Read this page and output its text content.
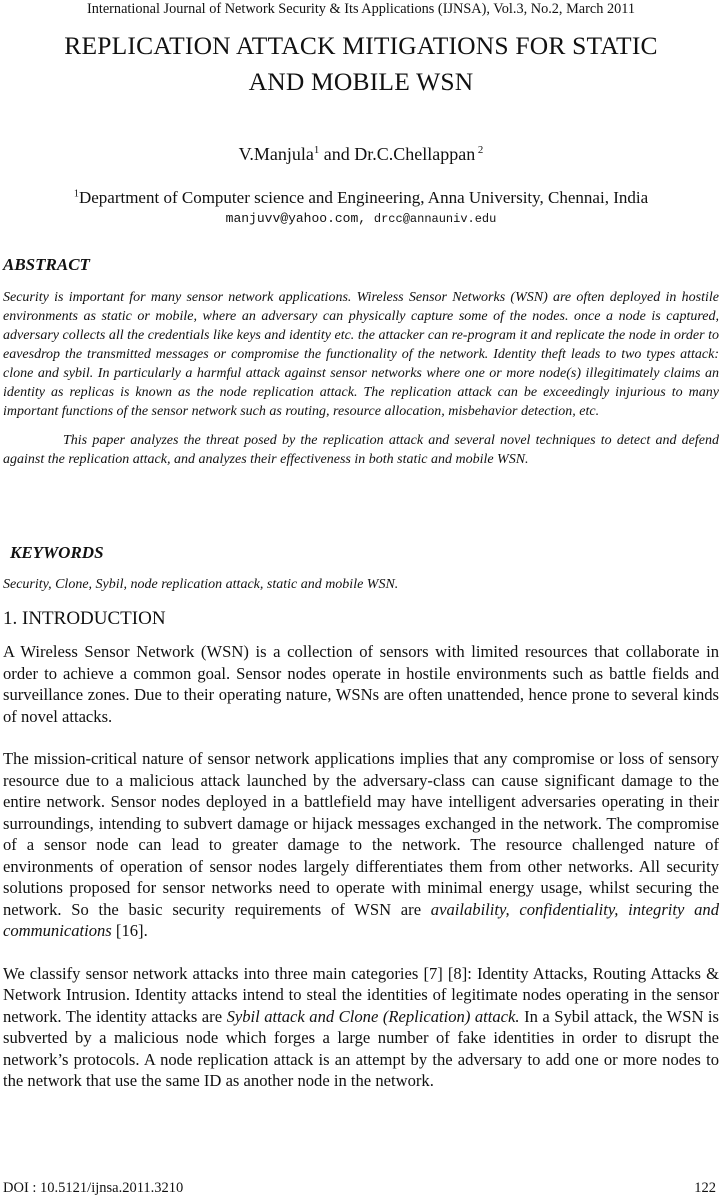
International Journal of Network Security & Its Applications (IJNSA), Vol.3, No.2, March 2011
REPLICATION ATTACK MITIGATIONS FOR STATIC
AND MOBILE WSN
V.Manjula$^1$ and Dr.C.Chellappan $^2$
$^1$Department of Computer science and Engineering, Anna University, Chennai, India
manjuvv@yahoo.com, drcc@annauniv.edu
ABSTRACT

Security is important for many sensor network applications. Wireless Sensor Networks (WSN) are often deployed in hostile environments as static or mobile, where an adversary can physically capture some of the nodes. once a node is captured, adversary collects all the credentials like keys and identity etc. the attacker can re-program it and replicate the node in order to eavesdrop the transmitted messages or compromise the functionality of the network. Identity theft leads to two types attack: clone and sybil. In particularly a harmful attack against sensor networks where one or more node(s) illegitimately claims an identity as replicas is known as the node replication attack. The replication attack can be exceedingly injurious to many important functions of the sensor network such as routing, resource allocation, misbehavior detection, etc.

This paper analyzes the threat posed by the replication attack and several novel techniques to detect and defend against the replication attack, and analyzes their effectiveness in both static and mobile WSN.

KEYWORDS

Security, Clone, Sybil, node replication attack, static and mobile WSN.

1. INTRODUCTION

A Wireless Sensor Network (WSN) is a collection of sensors with limited resources that collaborate in order to achieve a common goal. Sensor nodes operate in hostile environments such as battle fields and surveillance zones. Due to their operating nature, WSNs are often unattended, hence prone to several kinds of novel attacks.

The mission-critical nature of sensor network applications implies that any compromise or loss of sensory resource due to a malicious attack launched by the adversary-class can cause significant damage to the entire network. Sensor nodes deployed in a battlefield may have intelligent adversaries operating in their surroundings, intending to subvert damage or hijack messages exchanged in the network. The compromise of a sensor node can lead to greater damage to the network. The resource challenged nature of environments of operation of sensor nodes largely differentiates them from other networks. All security solutions proposed for sensor networks need to operate with minimal energy usage, whilst securing the network. So the basic security requirements of WSN are availability, confidentiality, integrity and communications [16].

We classify sensor network attacks into three main categories [7] [8]: Identity Attacks, Routing Attacks & Network Intrusion. Identity attacks intend to steal the identities of legitimate nodes operating in the sensor network. The identity attacks are Sybil attack and Clone (Replication) attack. In a Sybil attack, the WSN is subverted by a malicious node which forges a large number of fake identities in order to disrupt the network’s protocols. A node replication attack is an attempt by the adversary to add one or more nodes to the network that use the same ID as another node in the network.

DOI : 10.5121/ijnsa.2011.3210	122
